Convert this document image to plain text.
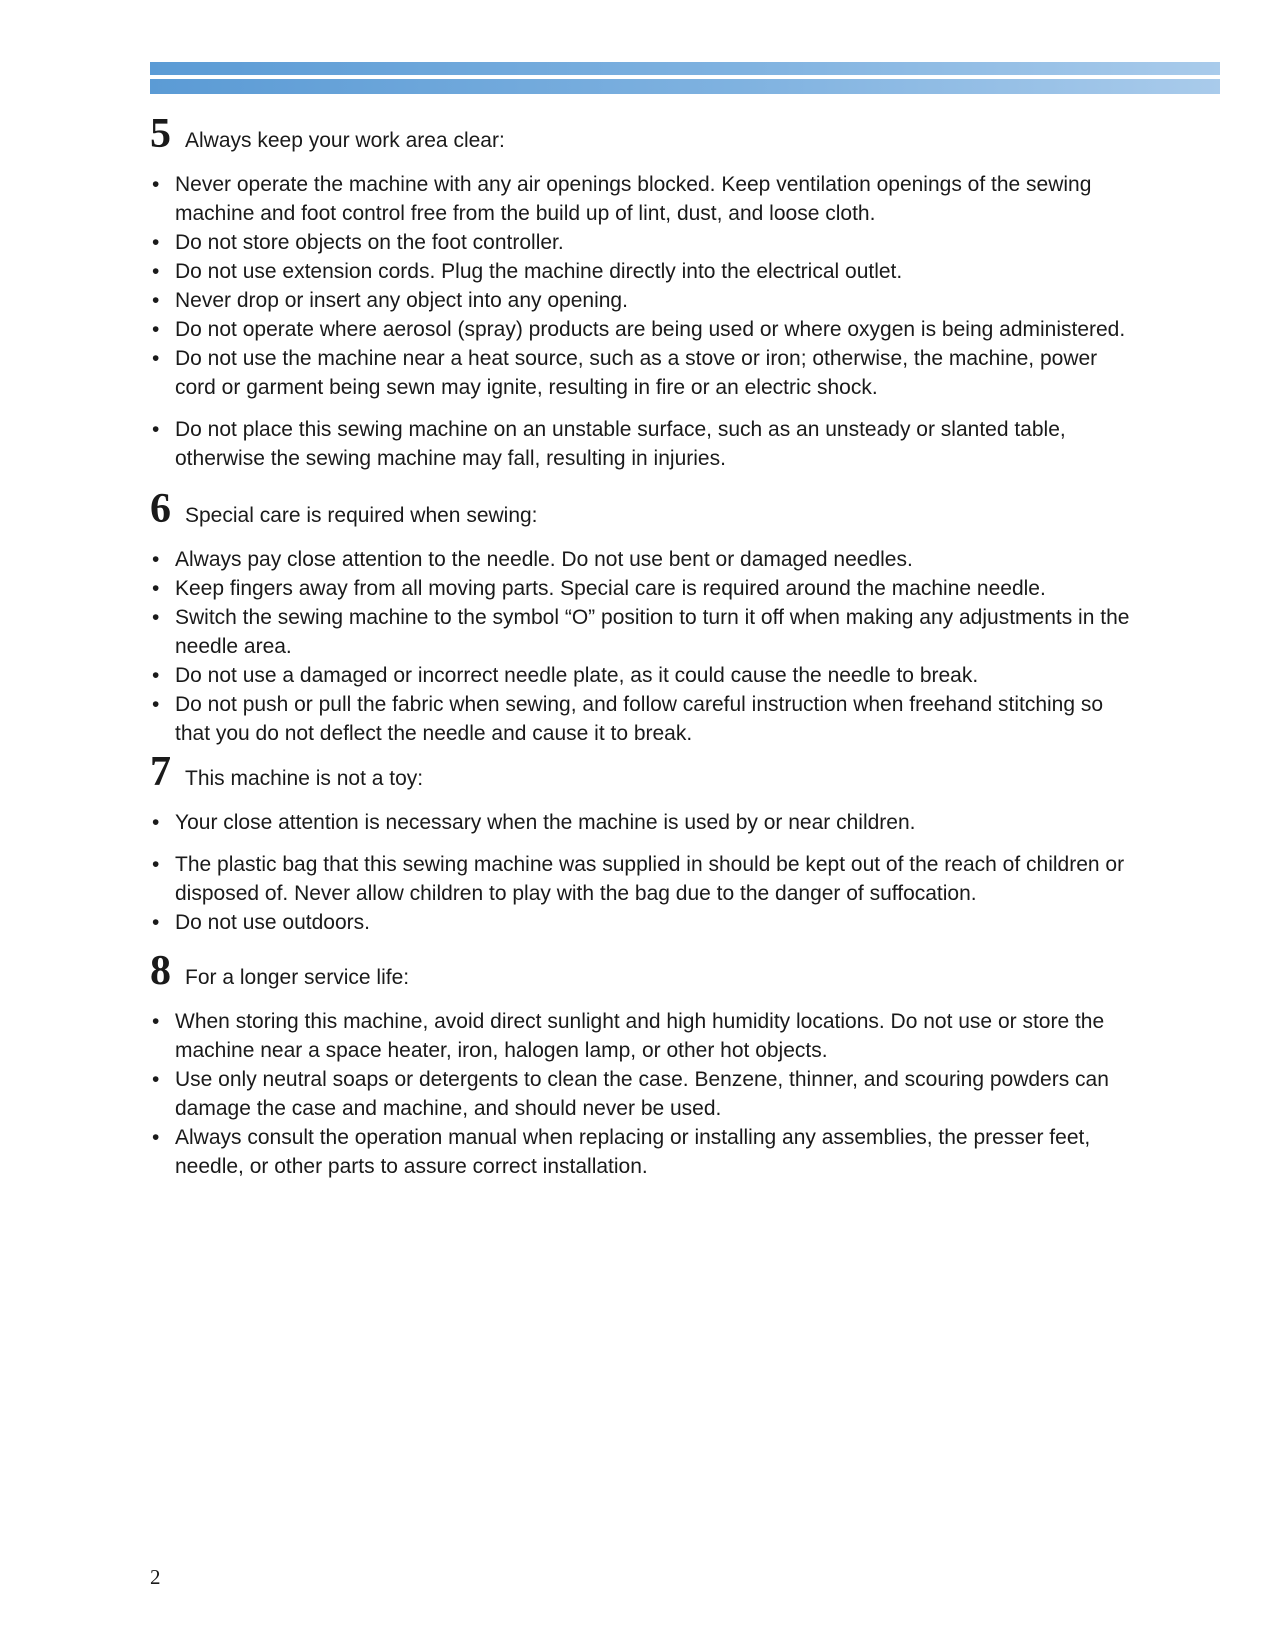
5 Always keep your work area clear:
• Never operate the machine with any air openings blocked. Keep ventilation openings of the sewing machine and foot control free from the build up of lint, dust, and loose cloth.
• Do not store objects on the foot controller.
• Do not use extension cords. Plug the machine directly into the electrical outlet.
• Never drop or insert any object into any opening.
• Do not operate where aerosol (spray) products are being used or where oxygen is being administered.
• Do not use the machine near a heat source, such as a stove or iron; otherwise, the machine, power cord or garment being sewn may ignite, resulting in fire or an electric shock.
• Do not place this sewing machine on an unstable surface, such as an unsteady or slanted table, otherwise the sewing machine may fall, resulting in injuries.
6 Special care is required when sewing:
• Always pay close attention to the needle. Do not use bent or damaged needles.
• Keep fingers away from all moving parts. Special care is required around the machine needle.
• Switch the sewing machine to the symbol “O” position to turn it off when making any adjustments in the needle area.
• Do not use a damaged or incorrect needle plate, as it could cause the needle to break.
• Do not push or pull the fabric when sewing, and follow careful instruction when freehand stitching so that you do not deflect the needle and cause it to break.
7 This machine is not a toy:
• Your close attention is necessary when the machine is used by or near children.
• The plastic bag that this sewing machine was supplied in should be kept out of the reach of children or disposed of. Never allow children to play with the bag due to the danger of suffocation.
• Do not use outdoors.
8 For a longer service life:
• When storing this machine, avoid direct sunlight and high humidity locations. Do not use or store the machine near a space heater, iron, halogen lamp, or other hot objects.
• Use only neutral soaps or detergents to clean the case. Benzene, thinner, and scouring powders can damage the case and machine, and should never be used.
• Always consult the operation manual when replacing or installing any assemblies, the presser feet, needle, or other parts to assure correct installation.
2
